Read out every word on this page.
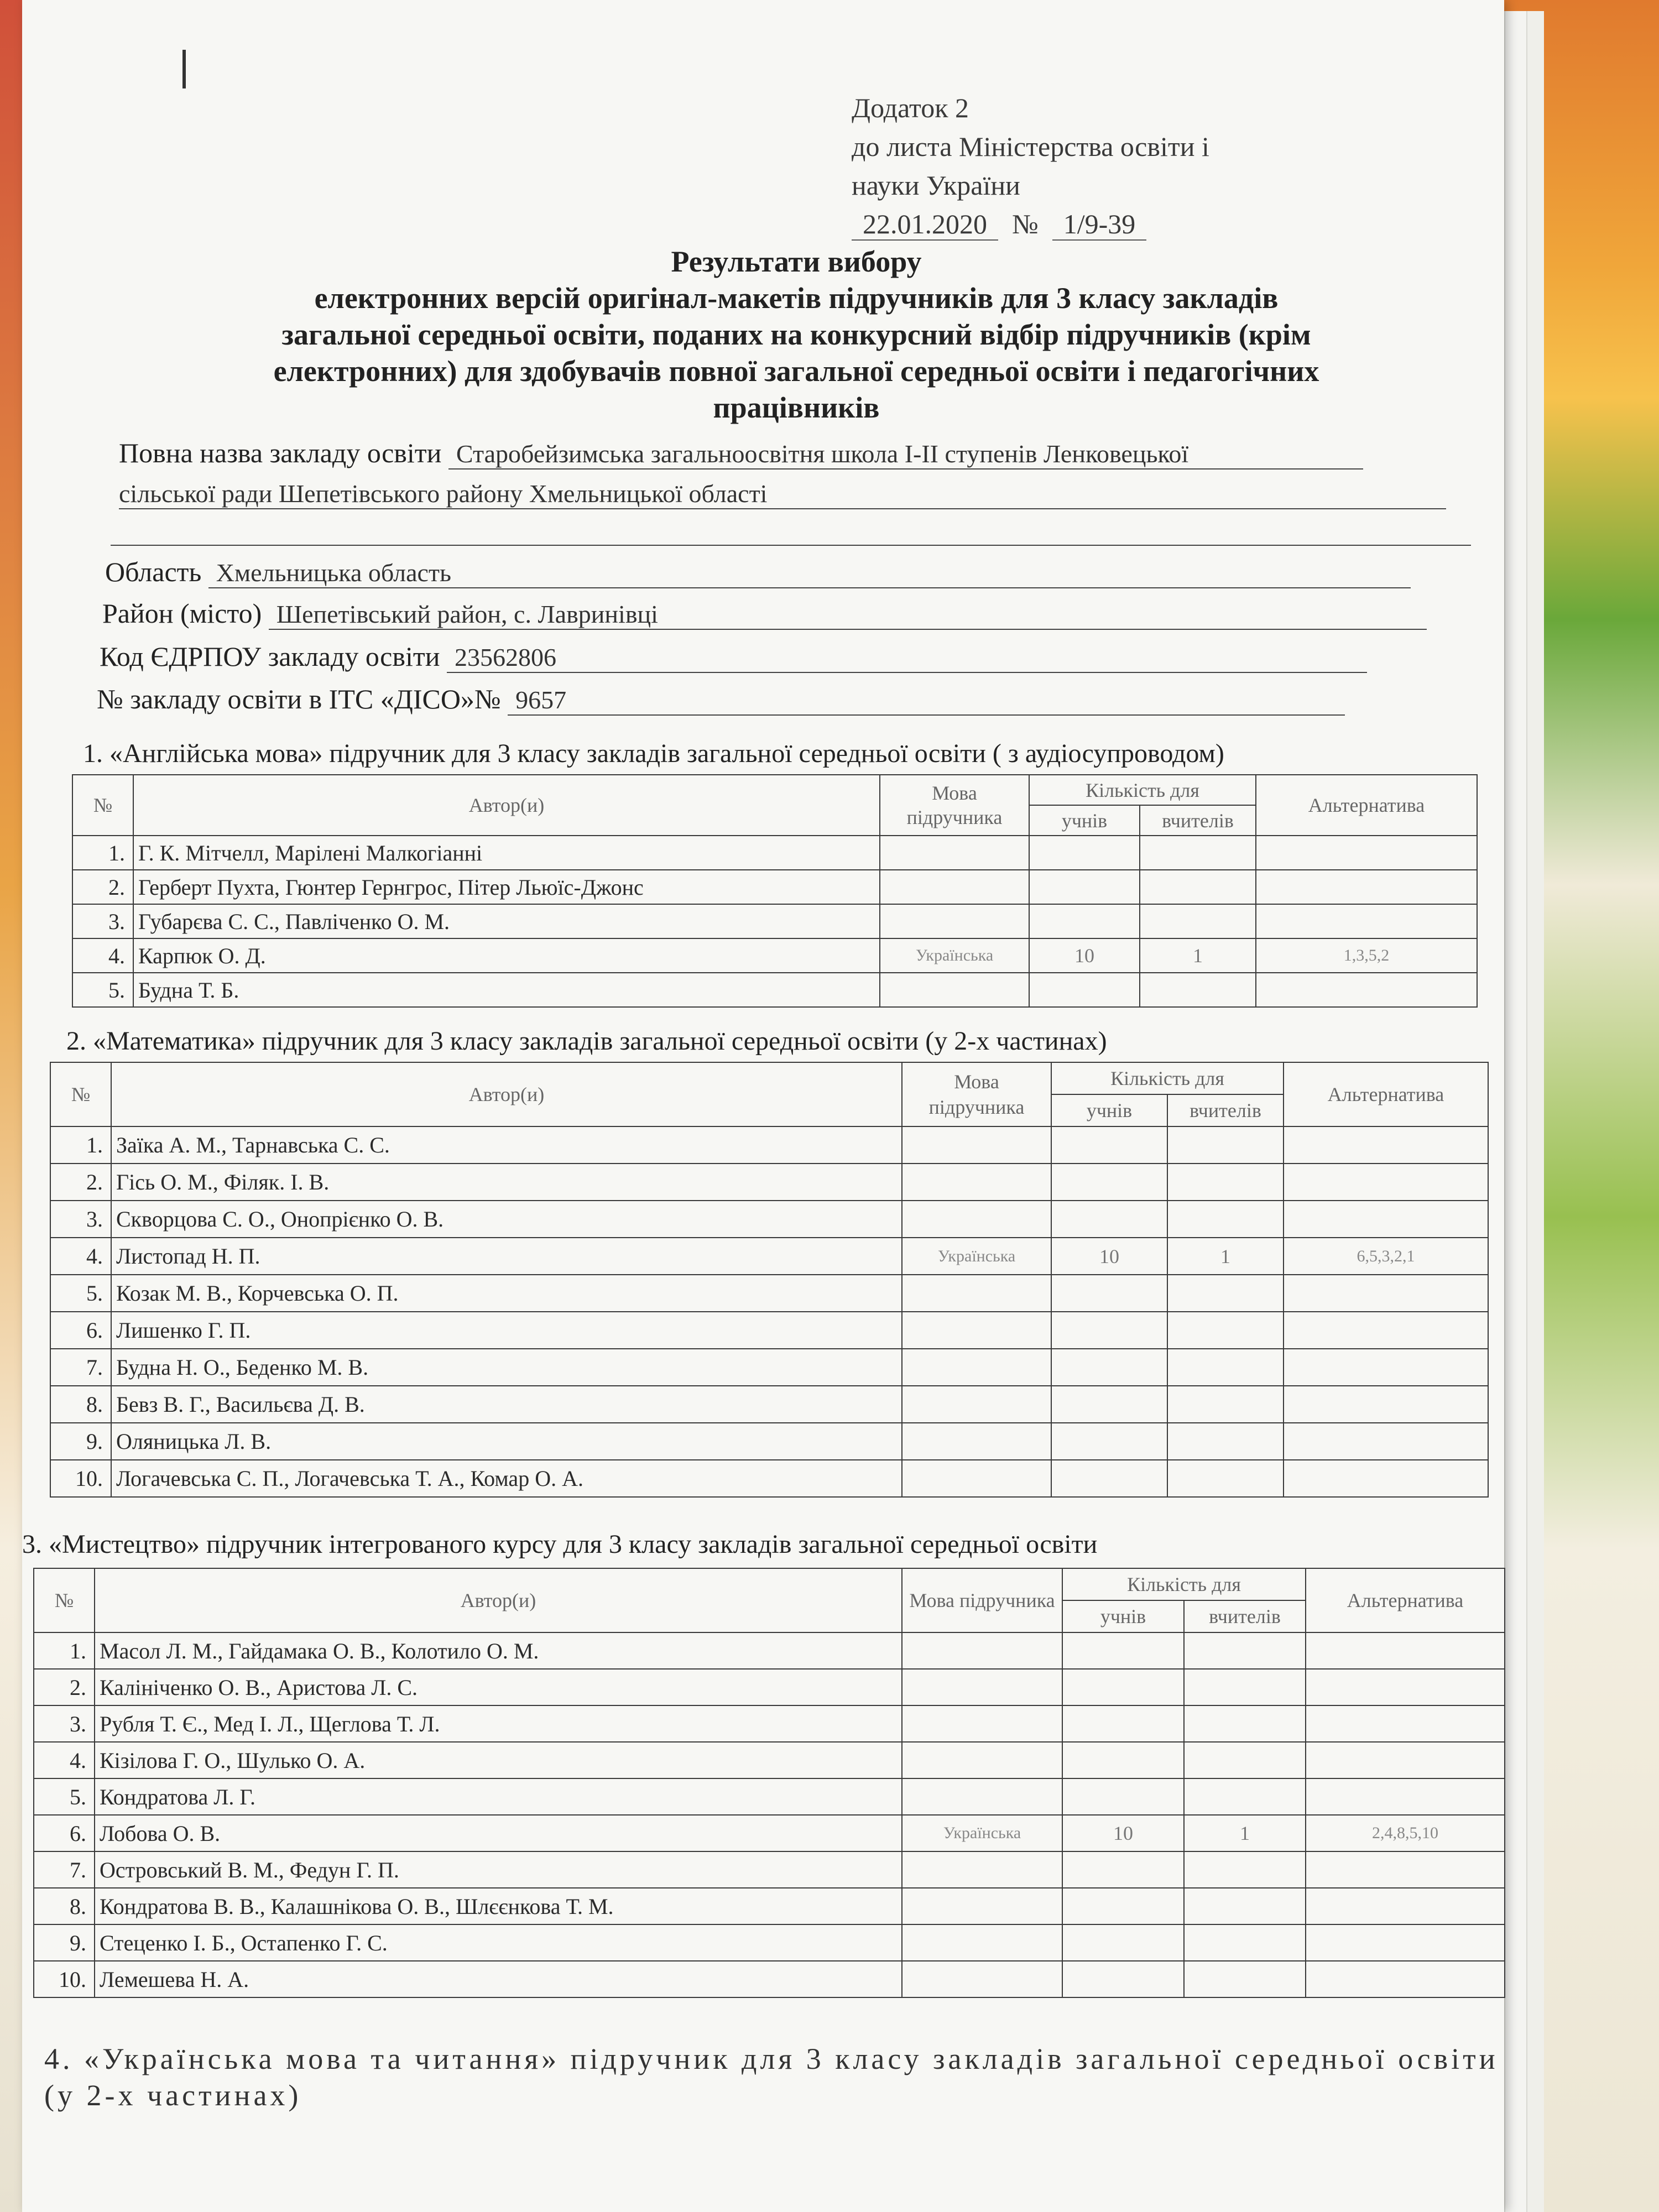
Додаток 2
до листа Міністерства освіти і
науки України
22.01.2020 № 1/9-39
Результати вибору
електронних версій оригінал-макетів підручників для 3 класу закладів
загальної середньої освіти, поданих на конкурсний відбір підручників (крім
електронних) для здобувачів повної загальної середньої освіти і педагогічних
працівників
Повна назва закладу освіти Старобейзимська загальноосвітня школа І-ІІ ступенів Ленковецької
сільської ради Шепетівського району Хмельницької області
Область Хмельницька область
Район (місто) Шепетівський район, с. Лавринівці
Код ЄДРПОУ закладу освіти 23562806
№ закладу освіти в ІТС «ДІСО»№ 9657
1. «Англійська мова» підручник для 3 класу закладів загальної середньої освіти ( з аудіосупроводом)
№	Автор(и)	Мова підручника	Кількість для		Альтернатива
			учнів	вчителів	
1.	Г. К. Мітчелл, Марілені Малкогіанні				
2.	Герберт Пухта, Гюнтер Гернгрос, Пітер Льюїс-Джонс				
3.	Губарєва С. С., Павліченко О. М.				
4.	Карпюк О. Д.	Українська	10	1	1,3,5,2
5.	Будна Т. Б.				
2. «Математика» підручник для 3 класу закладів загальної середньої освіти (у 2-х частинах)
№	Автор(и)	Мова підручника	Кількість для		Альтернатива
			учнів	вчителів	
1.	Заїка А. М., Тарнавська С. С.				
2.	Гісь О. М., Філяк. І. В.				
3.	Скворцова С. О., Онопрієнко О. В.				
4.	Листопад Н. П.	Українська	10	1	6,5,3,2,1
5.	Козак М. В., Корчевська О. П.				
6.	Лишенко Г. П.				
7.	Будна Н. О., Беденко М. В.				
8.	Бевз В. Г., Васильєва Д. В.				
9.	Оляницька Л. В.				
10.	Логачевська С. П., Логачевська Т. А., Комар О. А.				
3. «Мистецтво» підручник інтегрованого курсу для 3 класу закладів загальної середньої освіти
№	Автор(и)	Мова підручника	Кількість для		Альтернатива
			учнів	вчителів	
1.	Масол Л. М., Гайдамака О. В., Колотило О. М.				
2.	Калініченко О. В., Аристова Л. С.				
3.	Рубля Т. Є., Мед І. Л., Щеглова Т. Л.				
4.	Кізілова Г. О., Шулько О. А.				
5.	Кондратова Л. Г.				
6.	Лобова О. В.	Українська	10	1	2,4,8,5,10
7.	Островський В. М., Федун Г. П.				
8.	Кондратова В. В., Калашнікова О. В., Шлєєнкова Т. М.				
9.	Стеценко І. Б., Остапенко Г. С.				
10.	Лемешева Н. А.				
4. «Українська мова та читання» підручник для 3 класу закладів загальної середньої освіти (у 2-х частинах)
